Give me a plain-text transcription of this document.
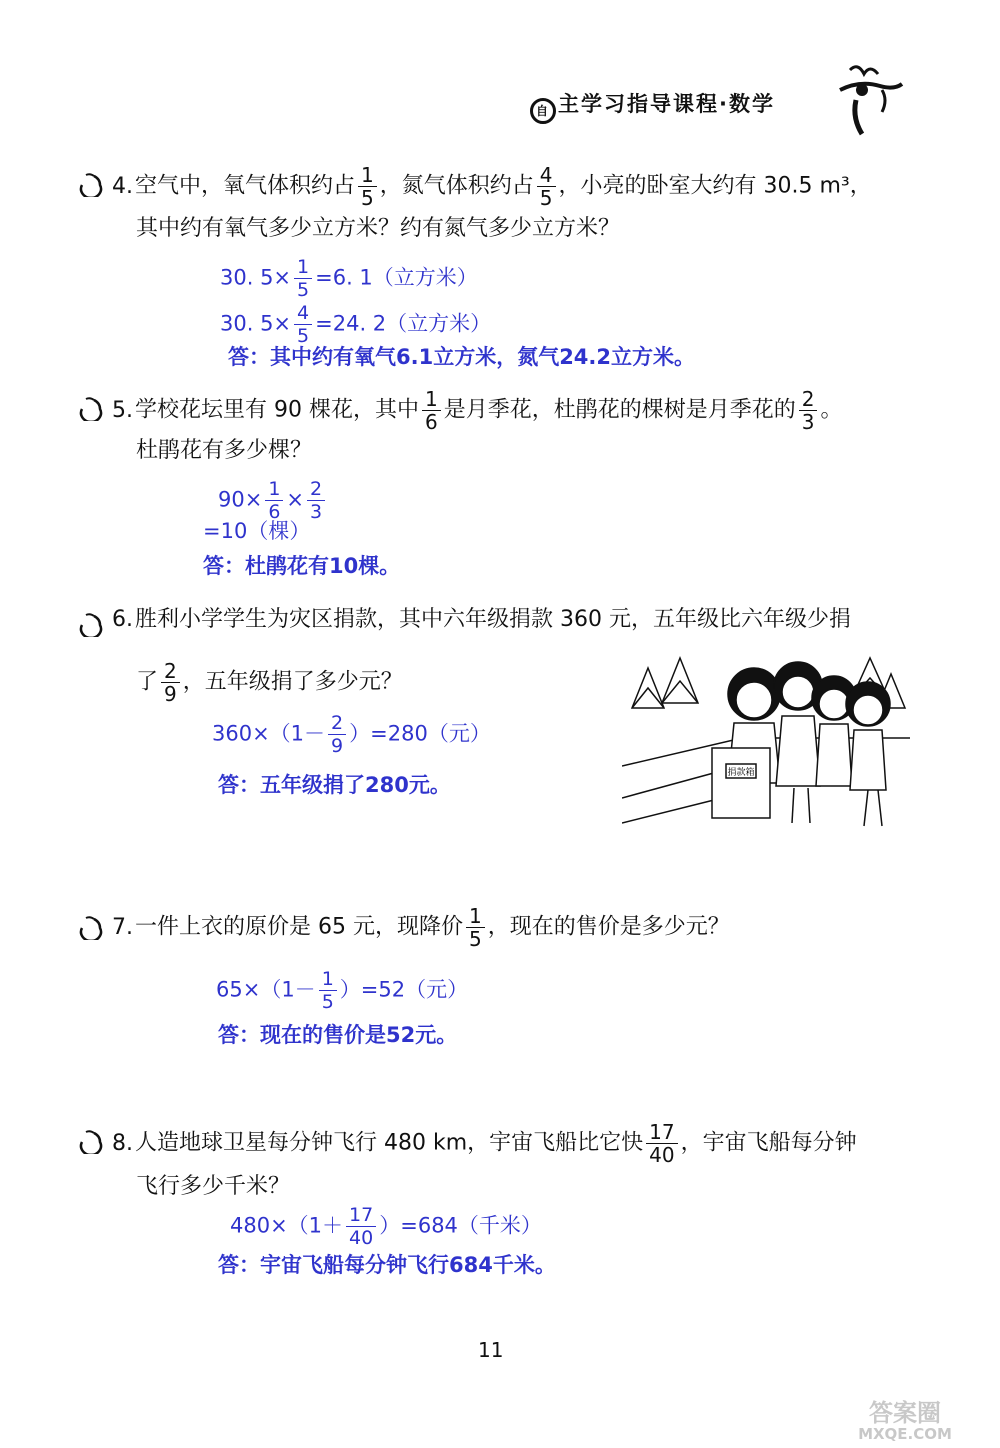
自 主学习指导课程·数学
4.空气中，氧气体积约占 $\frac{1}{5}$ ，氮气体积约占 $\frac{4}{5}$ ，小亮的卧室大约有 30.5 m³，
其中约有氧气多少立方米？约有氮气多少立方米？
30. $5\times \frac{1}{5} =6$. 1（立方米）
30. $5\times \frac{4}{5} =24$. 2（立方米）
答：其中约有氧气6.1立方米，氮气24.2立方米。
5.学校花坛里有 90 棵花，其中 $\frac{1}{6}$ 是月季花，杜鹃花的棵树是月季花的 $\frac{2}{3}$ 。
杜鹃花有多少棵？
$90\times \frac{1}{6} \times \frac{2}{3}$
=10（棵）
答：杜鹃花有10棵。
6.胜利小学学生为灾区捐款，其中六年级捐款 360 元，五年级比六年级少捐
了 $\frac{2}{9}$ ，五年级捐了多少元？
$360\times(1- \frac{2}{9} )=280$（元）
答：五年级捐了280元。	捐款箱
7.一件上衣的原价是 65 元，现降价 $\frac{1}{5}$ ，现在的售价是多少元？
$65\times(1- \frac{1}{5} )=52$（元）
答：现在的售价是52元。
8.人造地球卫星每分钟飞行 480 km，宇宙飞船比它快 $\frac{17}{40}$ ，宇宙飞船每分钟
飞行多少千米？
$480\times(1+ \frac{17}{40} )=684$（千米）
答：宇宙飞船每分钟飞行684千米。
11
答案圈
MXQE.COM
